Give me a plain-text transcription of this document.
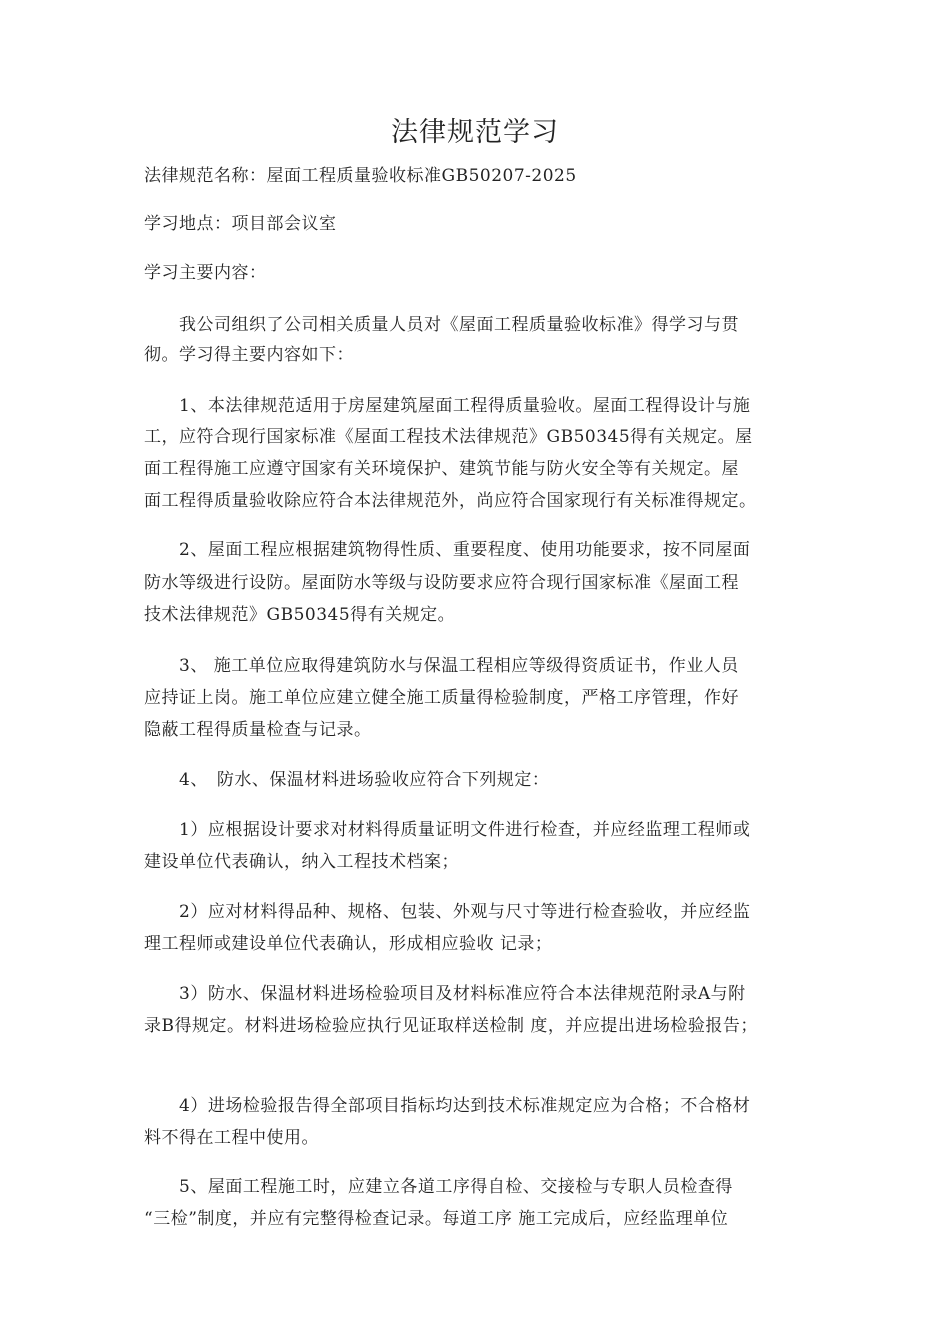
法律规范学习
法律规范名称：屋面工程质量验收标准GB50207-2025
学习地点：项目部会议室
学习主要内容：
　　我公司组织了公司相关质量人员对《屋面工程质量验收标准》得学习与贯
彻。学习得主要内容如下：
　　1、本法律规范适用于房屋建筑屋面工程得质量验收。屋面工程得设计与施
工，应符合现行国家标准《屋面工程技术法律规范》GB50345得有关规定。屋
面工程得施工应遵守国家有关环境保护、建筑节能与防火安全等有关规定。屋
面工程得质量验收除应符合本法律规范外，尚应符合国家现行有关标准得规定。
　　2、屋面工程应根据建筑物得性质、重要程度、使用功能要求，按不同屋面
防水等级进行设防。屋面防水等级与设防要求应符合现行国家标准《屋面工程
技术法律规范》GB50345得有关规定。
　　3、 施工单位应取得建筑防水与保温工程相应等级得资质证书，作业人员
应持证上岗。施工单位应建立健全施工质量得检验制度，严格工序管理，作好
隐蔽工程得质量检查与记录。
　　4、　防水、保温材料进场验收应符合下列规定：
　　1）应根据设计要求对材料得质量证明文件进行检查，并应经监理工程师或
建设单位代表确认，纳入工程技术档案；
　　2）应对材料得品种、规格、包装、外观与尺寸等进行检查验收，并应经监
理工程师或建设单位代表确认，形成相应验收 记录；
　　3）防水、保温材料进场检验项目及材料标准应符合本法律规范附录A与附
录B得规定。材料进场检验应执行见证取样送检制 度，并应提出进场检验报告；
　　4）进场检验报告得全部项目指标均达到技术标准规定应为合格；不合格材
料不得在工程中使用。
　　5、屋面工程施工时，应建立各道工序得自检、交接检与专职人员检查得
“三检”制度，并应有完整得检查记录。每道工序 施工完成后，应经监理单位
